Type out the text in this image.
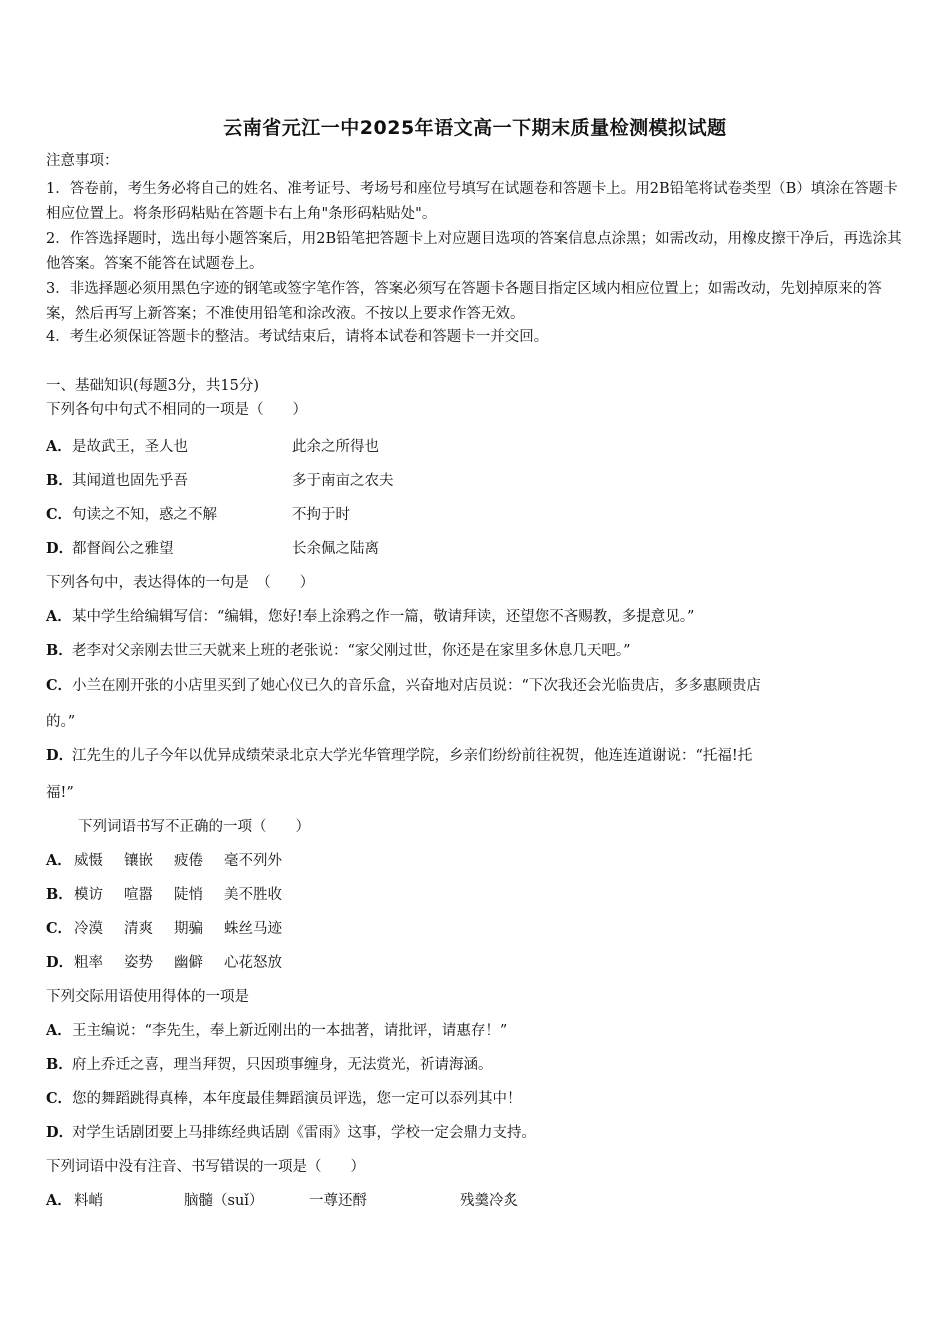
云南省元江一中2025年语文高一下期末质量检测模拟试题
注意事项：
1．答卷前，考生务必将自己的姓名、准考证号、考场号和座位号填写在试题卷和答题卡上。用2B铅笔将试卷类型（B）填涂在答题卡相应位置上。将条形码粘贴在答题卡右上角"条形码粘贴处"。
2．作答选择题时，选出每小题答案后，用2B铅笔把答题卡上对应题目选项的答案信息点涂黑；如需改动，用橡皮擦干净后，再选涂其他答案。答案不能答在试题卷上。
3．非选择题必须用黑色字迹的钢笔或签字笔作答，答案必须写在答题卡各题目指定区域内相应位置上；如需改动，先划掉原来的答案，然后再写上新答案；不准使用铅笔和涂改液。不按以上要求作答无效。
4．考生必须保证答题卡的整洁。考试结束后，请将本试卷和答题卡一并交回。
一、基础知识(每题3分，共15分)
下列各句中句式不相同的一项是（　　）
A．是故武王，圣人也	此余之所得也
B．其闻道也固先乎吾	多于南亩之农夫
C．句读之不知，惑之不解	不拘于时
D．都督阎公之雅望	长余佩之陆离
下列各句中，表达得体的一句是　（　　）
A．某中学生给编辑写信：“编辑，您好!奉上涂鸦之作一篇，敬请拜读，还望您不吝赐教，多提意见。”
B．老李对父亲刚去世三天就来上班的老张说：“家父刚过世，你还是在家里多休息几天吧。”
C．小兰在刚开张的小店里买到了她心仪已久的音乐盒，兴奋地对店员说：“下次我还会光临贵店，多多惠顾贵店
的。”
D．江先生的儿子今年以优异成绩荣录北京大学光华管理学院，乡亲们纷纷前往祝贺，他连连道谢说：“托福!托
福!”
下列词语书写不正确的一项（　　）
A． 威慑 镶嵌 疲倦 毫不列外
B． 模访 喧嚣 陡悄 美不胜收
C． 冷漠 清爽 期骗 蛛丝马迹
D． 粗率 姿势 幽僻 心花怒放
下列交际用语使用得体的一项是
A．王主编说：“李先生，奉上新近刚出的一本拙著，请批评，请惠存！”
B．府上乔迁之喜，理当拜贺，只因琐事缠身，无法赏光，祈请海涵。
C．您的舞蹈跳得真棒，本年度最佳舞蹈演员评选，您一定可以忝列其中！
D．对学生话剧团要上马排练经典话剧《雷雨》这事，学校一定会鼎力支持。
下列词语中没有注音、书写错误的一项是（　　）
A． 料峭	脑髓（suǐ）	一尊还酹	残羹冷炙
